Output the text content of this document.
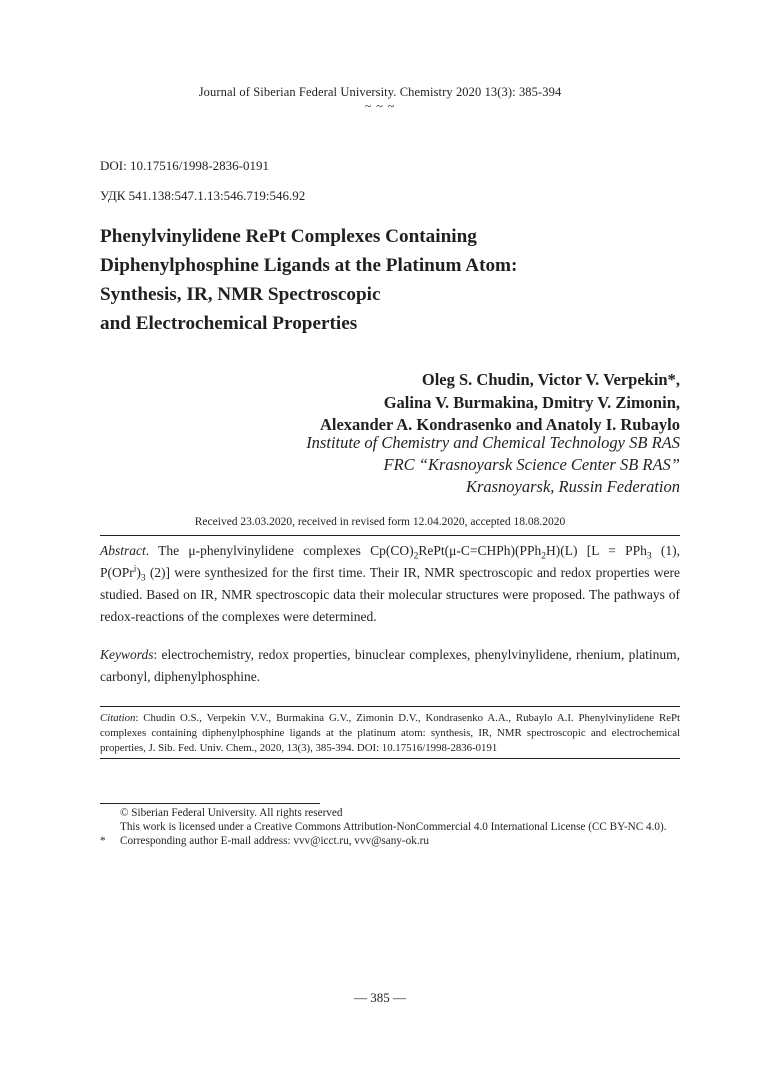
Journal of Siberian Federal University. Chemistry 2020 13(3): 385-394
~ ~ ~
DOI: 10.17516/1998-2836-0191
УДК 541.138:547.1.13:546.719:546.92
Phenylvinylidene RePt Complexes Containing
Diphenylphosphine Ligands at the Platinum Atom:
Synthesis, IR, NMR Spectroscopic
and Electrochemical Properties
Oleg S. Chudin, Victor V. Verpekin*,
Galina V. Burmakina, Dmitry V. Zimonin,
Alexander A. Kondrasenko and Anatoly I. Rubaylo
Institute of Chemistry and Chemical Technology SB RAS
FRC “Krasnoyarsk Science Center SB RAS”
Krasnoyarsk, Russin Federation
Received 23.03.2020, received in revised form 12.04.2020, accepted 18.08.2020
Abstract. The μ-phenylvinylidene complexes $Cp(CO)_2RePt(\mu-C=CHPh)(PPh_2H)(L) [L = PPh_3$ (1), $P(OPr^i)_3$ (2)] were synthesized for the first time. Their IR, NMR spectroscopic and redox properties were studied. Based on IR, NMR spectroscopic data their molecular structures were proposed. The pathways of redox-reactions of the complexes were determined.
Keywords: electrochemistry, redox properties, binuclear complexes, phenylvinylidene, rhenium, platinum, carbonyl, diphenylphosphine.
Citation: Chudin O.S., Verpekin V.V., Burmakina G.V., Zimonin D.V., Kondrasenko A.A., Rubaylo A.I. Phenylvinylidene RePt complexes containing diphenylphosphine ligands at the platinum atom: synthesis, IR, NMR spectroscopic and electrochemical properties, J. Sib. Fed. Univ. Chem., 2020, 13(3), 385-394. DOI: 10.17516/1998-2836-0191
© Siberian Federal University. All rights reserved
This work is licensed under a Creative Commons Attribution-NonCommercial 4.0 International License (CC BY-NC 4.0).
* Corresponding author E-mail address: vvv@icct.ru, vvv@sany-ok.ru
— 385 —
